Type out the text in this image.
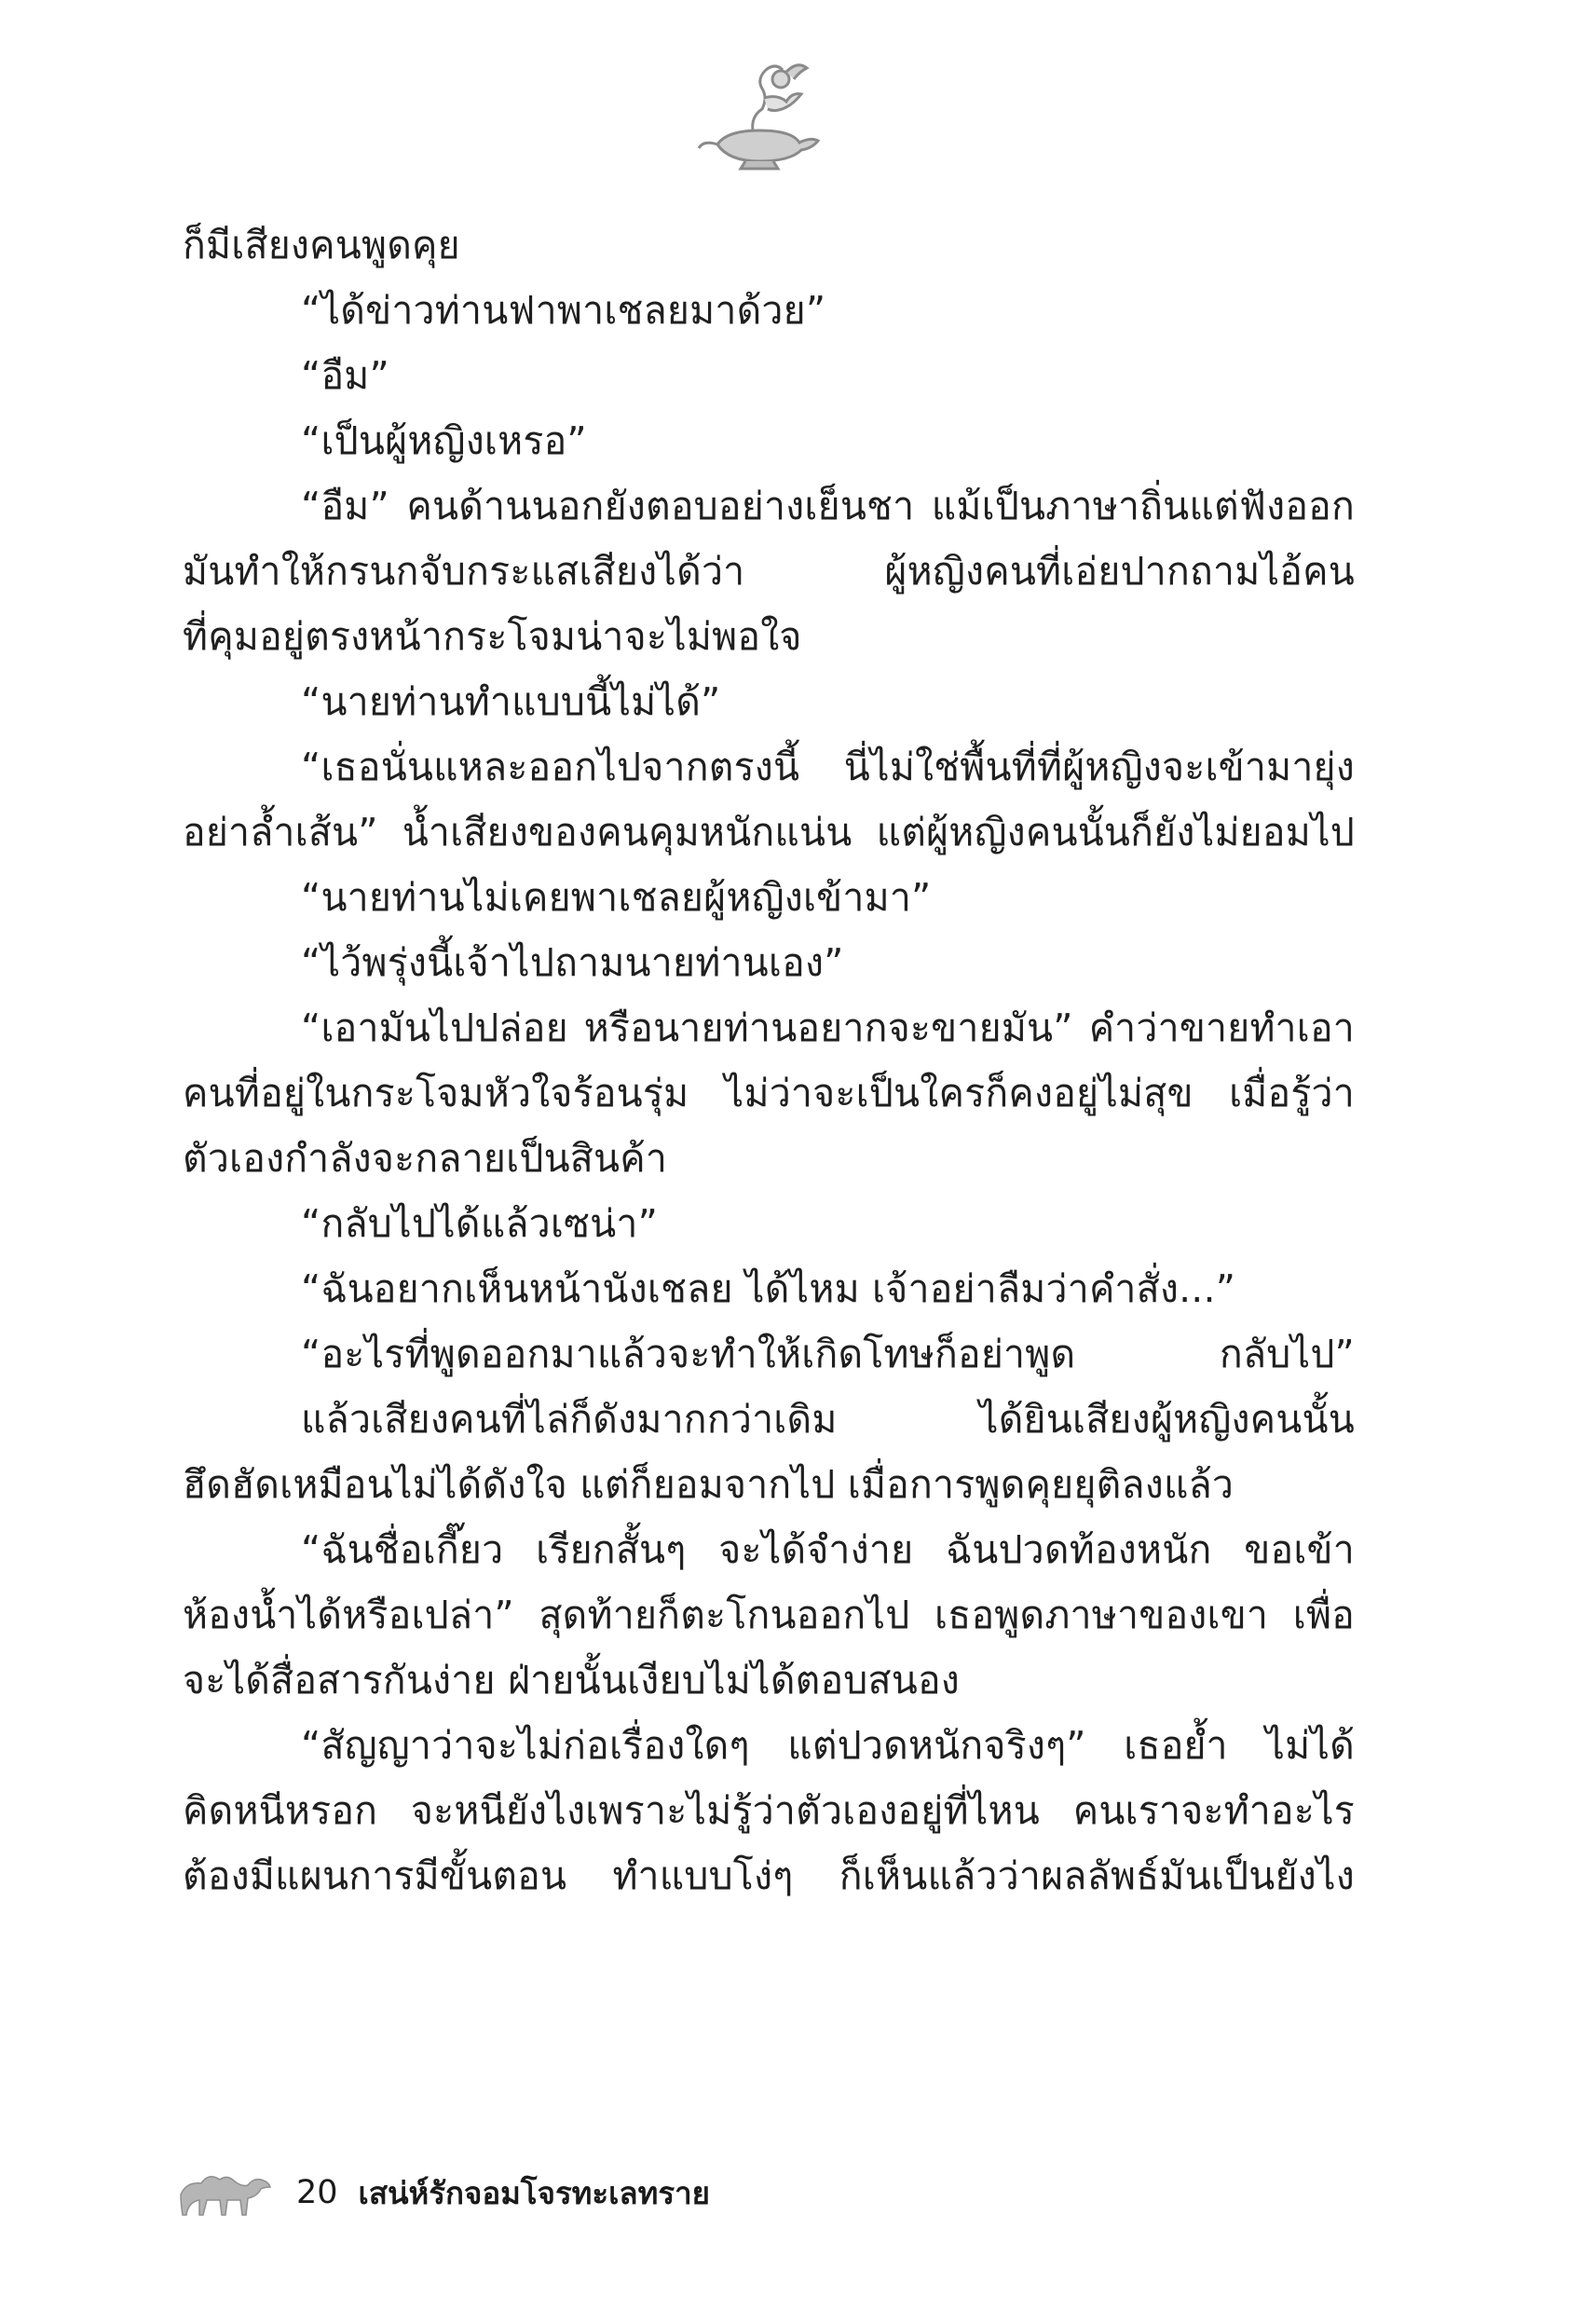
ก็มีเสียงคนพูดคุย

“ได้ข่าวท่านฟาพาเชลยมาด้วย”

“อืม”

“เป็นผู้หญิงเหรอ”

“อืม” คนด้านนอกยังตอบอย่างเย็นชา แม้เป็นภาษาถิ่นแต่ฟังออก

มันทำให้กรนกจับกระแสเสียงได้ว่า ผู้หญิงคนที่เอ่ยปากถามไอ้คน

ที่คุมอยู่ตรงหน้ากระโจมน่าจะไม่พอใจ

“นายท่านทำแบบนี้ไม่ได้”

“เธอนั่นแหละออกไปจากตรงนี้ นี่ไม่ใช่พื้นที่ที่ผู้หญิงจะเข้ามายุ่ง

อย่าล้ำเส้น” น้ำเสียงของคนคุมหนักแน่น แต่ผู้หญิงคนนั้นก็ยังไม่ยอมไป

“นายท่านไม่เคยพาเชลยผู้หญิงเข้ามา”

“ไว้พรุ่งนี้เจ้าไปถามนายท่านเอง”

“เอามันไปปล่อย หรือนายท่านอยากจะขายมัน” คำว่าขายทำเอา

คนที่อยู่ในกระโจมหัวใจร้อนรุ่ม ไม่ว่าจะเป็นใครก็คงอยู่ไม่สุข เมื่อรู้ว่า

ตัวเองกำลังจะกลายเป็นสินค้า

“กลับไปได้แล้วเซน่า”

“ฉันอยากเห็นหน้านังเชลย ได้ไหม เจ้าอย่าลืมว่าคำสั่ง...”

“อะไรที่พูดออกมาแล้วจะทำให้เกิดโทษก็อย่าพูด กลับไป”

แล้วเสียงคนที่ไล่ก็ดังมากกว่าเดิม ได้ยินเสียงผู้หญิงคนนั้น

ฮึดฮัดเหมือนไม่ได้ดังใจ แต่ก็ยอมจากไป เมื่อการพูดคุยยุติลงแล้ว

“ฉันชื่อเกี๊ยว เรียกสั้นๆ จะได้จำง่าย ฉันปวดท้องหนัก ขอเข้า

ห้องน้ำได้หรือเปล่า” สุดท้ายก็ตะโกนออกไป เธอพูดภาษาของเขา เพื่อ

จะได้สื่อสารกันง่าย ฝ่ายนั้นเงียบไม่ได้ตอบสนอง

“สัญญาว่าจะไม่ก่อเรื่องใดๆ แต่ปวดหนักจริงๆ” เธอย้ำ ไม่ได้

คิดหนีหรอก จะหนียังไงเพราะไม่รู้ว่าตัวเองอยู่ที่ไหน คนเราจะทำอะไร

ต้องมีแผนการมีขั้นตอน ทำแบบโง่ๆ ก็เห็นแล้วว่าผลลัพธ์มันเป็นยังไง

20 เสน่ห์รักจอมโจรทะเลทราย
